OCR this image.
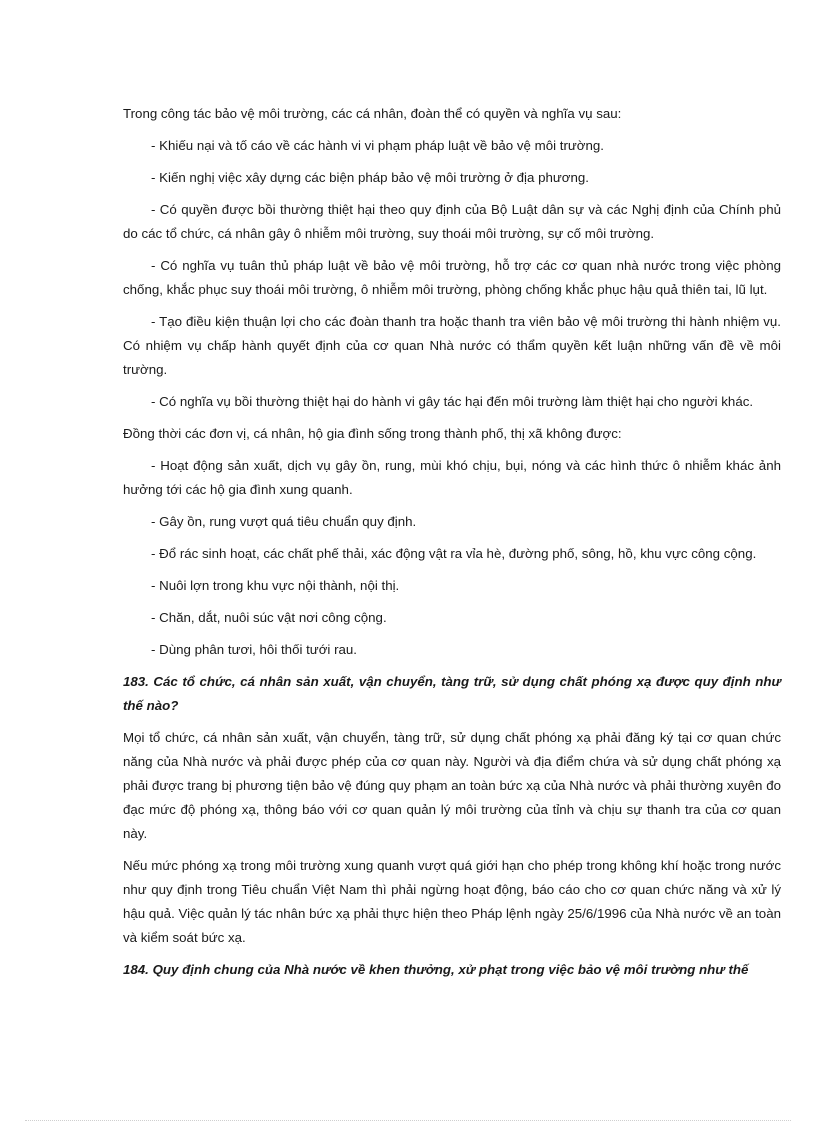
Trong công tác bảo vệ môi trường, các cá nhân, đoàn thể có quyền và nghĩa vụ sau:

- Khiếu nại và tố cáo về các hành vi vi phạm pháp luật về bảo vệ môi trường.

- Kiến nghị việc xây dựng các biện pháp bảo vệ môi trường ở địa phương.

- Có quyền được bồi thường thiệt hại theo quy định của Bộ Luật dân sự và các Nghị định của Chính phủ do các tổ chức, cá nhân gây ô nhiễm môi trường, suy thoái môi trường, sự cố môi trường.

- Có nghĩa vụ tuân thủ pháp luật về bảo vệ môi trường, hỗ trợ các cơ quan nhà nước trong việc phòng chống, khắc phục suy thoái môi trường, ô nhiễm môi trường, phòng chống khắc phục hậu quả thiên tai, lũ lụt.

- Tạo điều kiện thuận lợi cho các đoàn thanh tra hoặc thanh tra viên bảo vệ môi trường thi hành nhiệm vụ. Có nhiệm vụ chấp hành quyết định của cơ quan Nhà nước có thẩm quyền kết luận những vấn đề về môi trường.

- Có nghĩa vụ bồi thường thiệt hại do hành vi gây tác hại đến môi trường làm thiệt hại cho người khác.

Đồng thời các đơn vị, cá nhân, hộ gia đình sống trong thành phố, thị xã không được:

- Hoạt động sản xuất, dịch vụ gây ồn, rung, mùi khó chịu, bụi, nóng và các hình thức ô nhiễm khác ảnh hưởng tới các hộ gia đình xung quanh.

- Gây ồn, rung vượt quá tiêu chuẩn quy định.

- Đổ rác sinh hoạt, các chất phế thải, xác động vật ra vỉa hè, đường phố, sông, hồ, khu vực công cộng.

- Nuôi lợn trong khu vực nội thành, nội thị.

- Chăn, dắt, nuôi súc vật nơi công cộng.

- Dùng phân tươi, hôi thối tưới rau.

183. Các tổ chức, cá nhân sản xuất, vận chuyển, tàng trữ, sử dụng chất phóng xạ được quy định như thế nào?

Mọi tổ chức, cá nhân sản xuất, vận chuyển, tàng trữ, sử dụng chất phóng xạ phải đăng ký tại cơ quan chức năng của Nhà nước và phải được phép của cơ quan này. Người và địa điểm chứa và sử dụng chất phóng xạ phải được trang bị phương tiện bảo vệ đúng quy phạm an toàn bức xạ của Nhà nước và phải thường xuyên đo đạc mức độ phóng xạ, thông báo với cơ quan quản lý môi trường của tỉnh và chịu sự thanh tra của cơ quan này.

Nếu mức phóng xạ trong môi trường xung quanh vượt quá giới hạn cho phép trong không khí hoặc trong nước như quy định trong Tiêu chuẩn Việt Nam thì phải ngừng hoạt động, báo cáo cho cơ quan chức năng và xử lý hậu quả. Việc quản lý tác nhân bức xạ phải thực hiện theo Pháp lệnh ngày 25/6/1996 của Nhà nước về an toàn và kiểm soát bức xạ.

184. Quy định chung của Nhà nước về khen thưởng, xử phạt trong việc bảo vệ môi trường như thế
